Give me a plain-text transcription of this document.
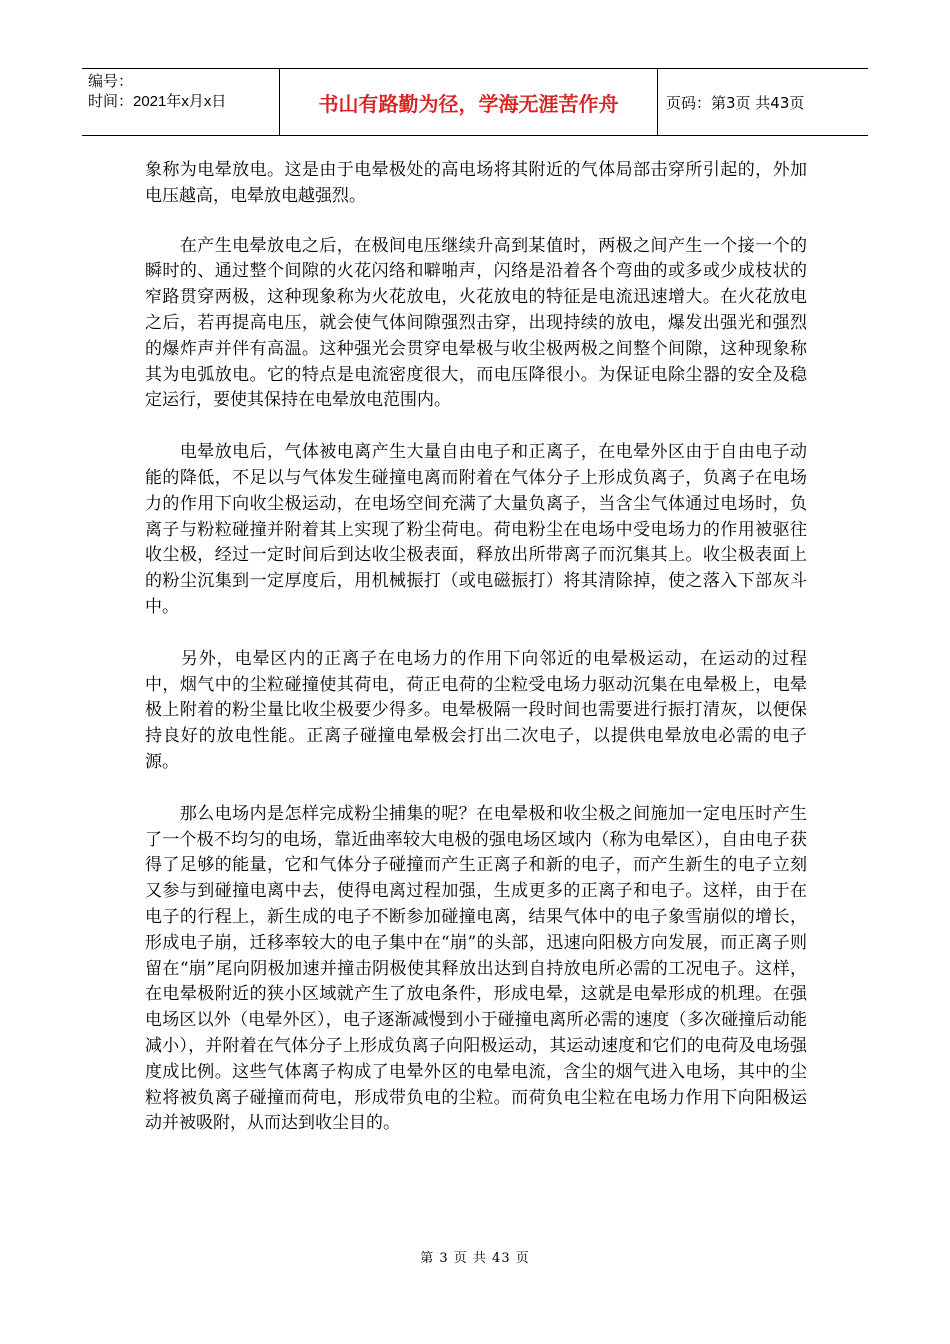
编号：
时间：2021年x月x日	书山有路勤为径，学海无涯苦作舟	页码：第3页 共43页

象称为电晕放电。这是由于电晕极处的高电场将其附近的气体局部击穿所引起的，外加电压越高，电晕放电越强烈。

　　在产生电晕放电之后，在极间电压继续升高到某值时，两极之间产生一个接一个的瞬时的、通过整个间隙的火花闪络和噼啪声，闪络是沿着各个弯曲的或多或少成枝状的窄路贯穿两极，这种现象称为火花放电，火花放电的特征是电流迅速增大。在火花放电之后，若再提高电压，就会使气体间隙强烈击穿，出现持续的放电，爆发出强光和强烈的爆炸声并伴有高温。这种强光会贯穿电晕极与收尘极两极之间整个间隙，这种现象称其为电弧放电。它的特点是电流密度很大，而电压降很小。为保证电除尘器的安全及稳定运行，要使其保持在电晕放电范围内。

　　电晕放电后，气体被电离产生大量自由电子和正离子，在电晕外区由于自由电子动能的降低，不足以与气体发生碰撞电离而附着在气体分子上形成负离子，负离子在电场力的作用下向收尘极运动，在电场空间充满了大量负离子，当含尘气体通过电场时，负离子与粉粒碰撞并附着其上实现了粉尘荷电。荷电粉尘在电场中受电场力的作用被驱往收尘极，经过一定时间后到达收尘极表面，释放出所带离子而沉集其上。收尘极表面上的粉尘沉集到一定厚度后，用机械振打（或电磁振打）将其清除掉，使之落入下部灰斗中。

　　另外，电晕区内的正离子在电场力的作用下向邻近的电晕极运动，在运动的过程中，烟气中的尘粒碰撞使其荷电，荷正电荷的尘粒受电场力驱动沉集在电晕极上，电晕极上附着的粉尘量比收尘极要少得多。电晕极隔一段时间也需要进行振打清灰，以便保持良好的放电性能。正离子碰撞电晕极会打出二次电子，以提供电晕放电必需的电子源。

　　那么电场内是怎样完成粉尘捕集的呢？在电晕极和收尘极之间施加一定电压时产生了一个极不均匀的电场，靠近曲率较大电极的强电场区域内（称为电晕区），自由电子获得了足够的能量，它和气体分子碰撞而产生正离子和新的电子，而产生新生的电子立刻又参与到碰撞电离中去，使得电离过程加强，生成更多的正离子和电子。这样，由于在电子的行程上，新生成的电子不断参加碰撞电离，结果气体中的电子象雪崩似的增长，形成电子崩，迁移率较大的电子集中在“崩”的头部，迅速向阳极方向发展，而正离子则留在“崩”尾向阴极加速并撞击阴极使其释放出达到自持放电所必需的工况电子。这样，在电晕极附近的狭小区域就产生了放电条件，形成电晕，这就是电晕形成的机理。在强电场区以外（电晕外区），电子逐渐减慢到小于碰撞电离所必需的速度（多次碰撞后动能减小），并附着在气体分子上形成负离子向阳极运动，其运动速度和它们的电荷及电场强度成比例。这些气体离子构成了电晕外区的电晕电流，含尘的烟气进入电场，其中的尘粒将被负离子碰撞而荷电，形成带负电的尘粒。而荷负电尘粒在电场力作用下向阳极运动并被吸附，从而达到收尘目的。

第 3 页 共 43 页
